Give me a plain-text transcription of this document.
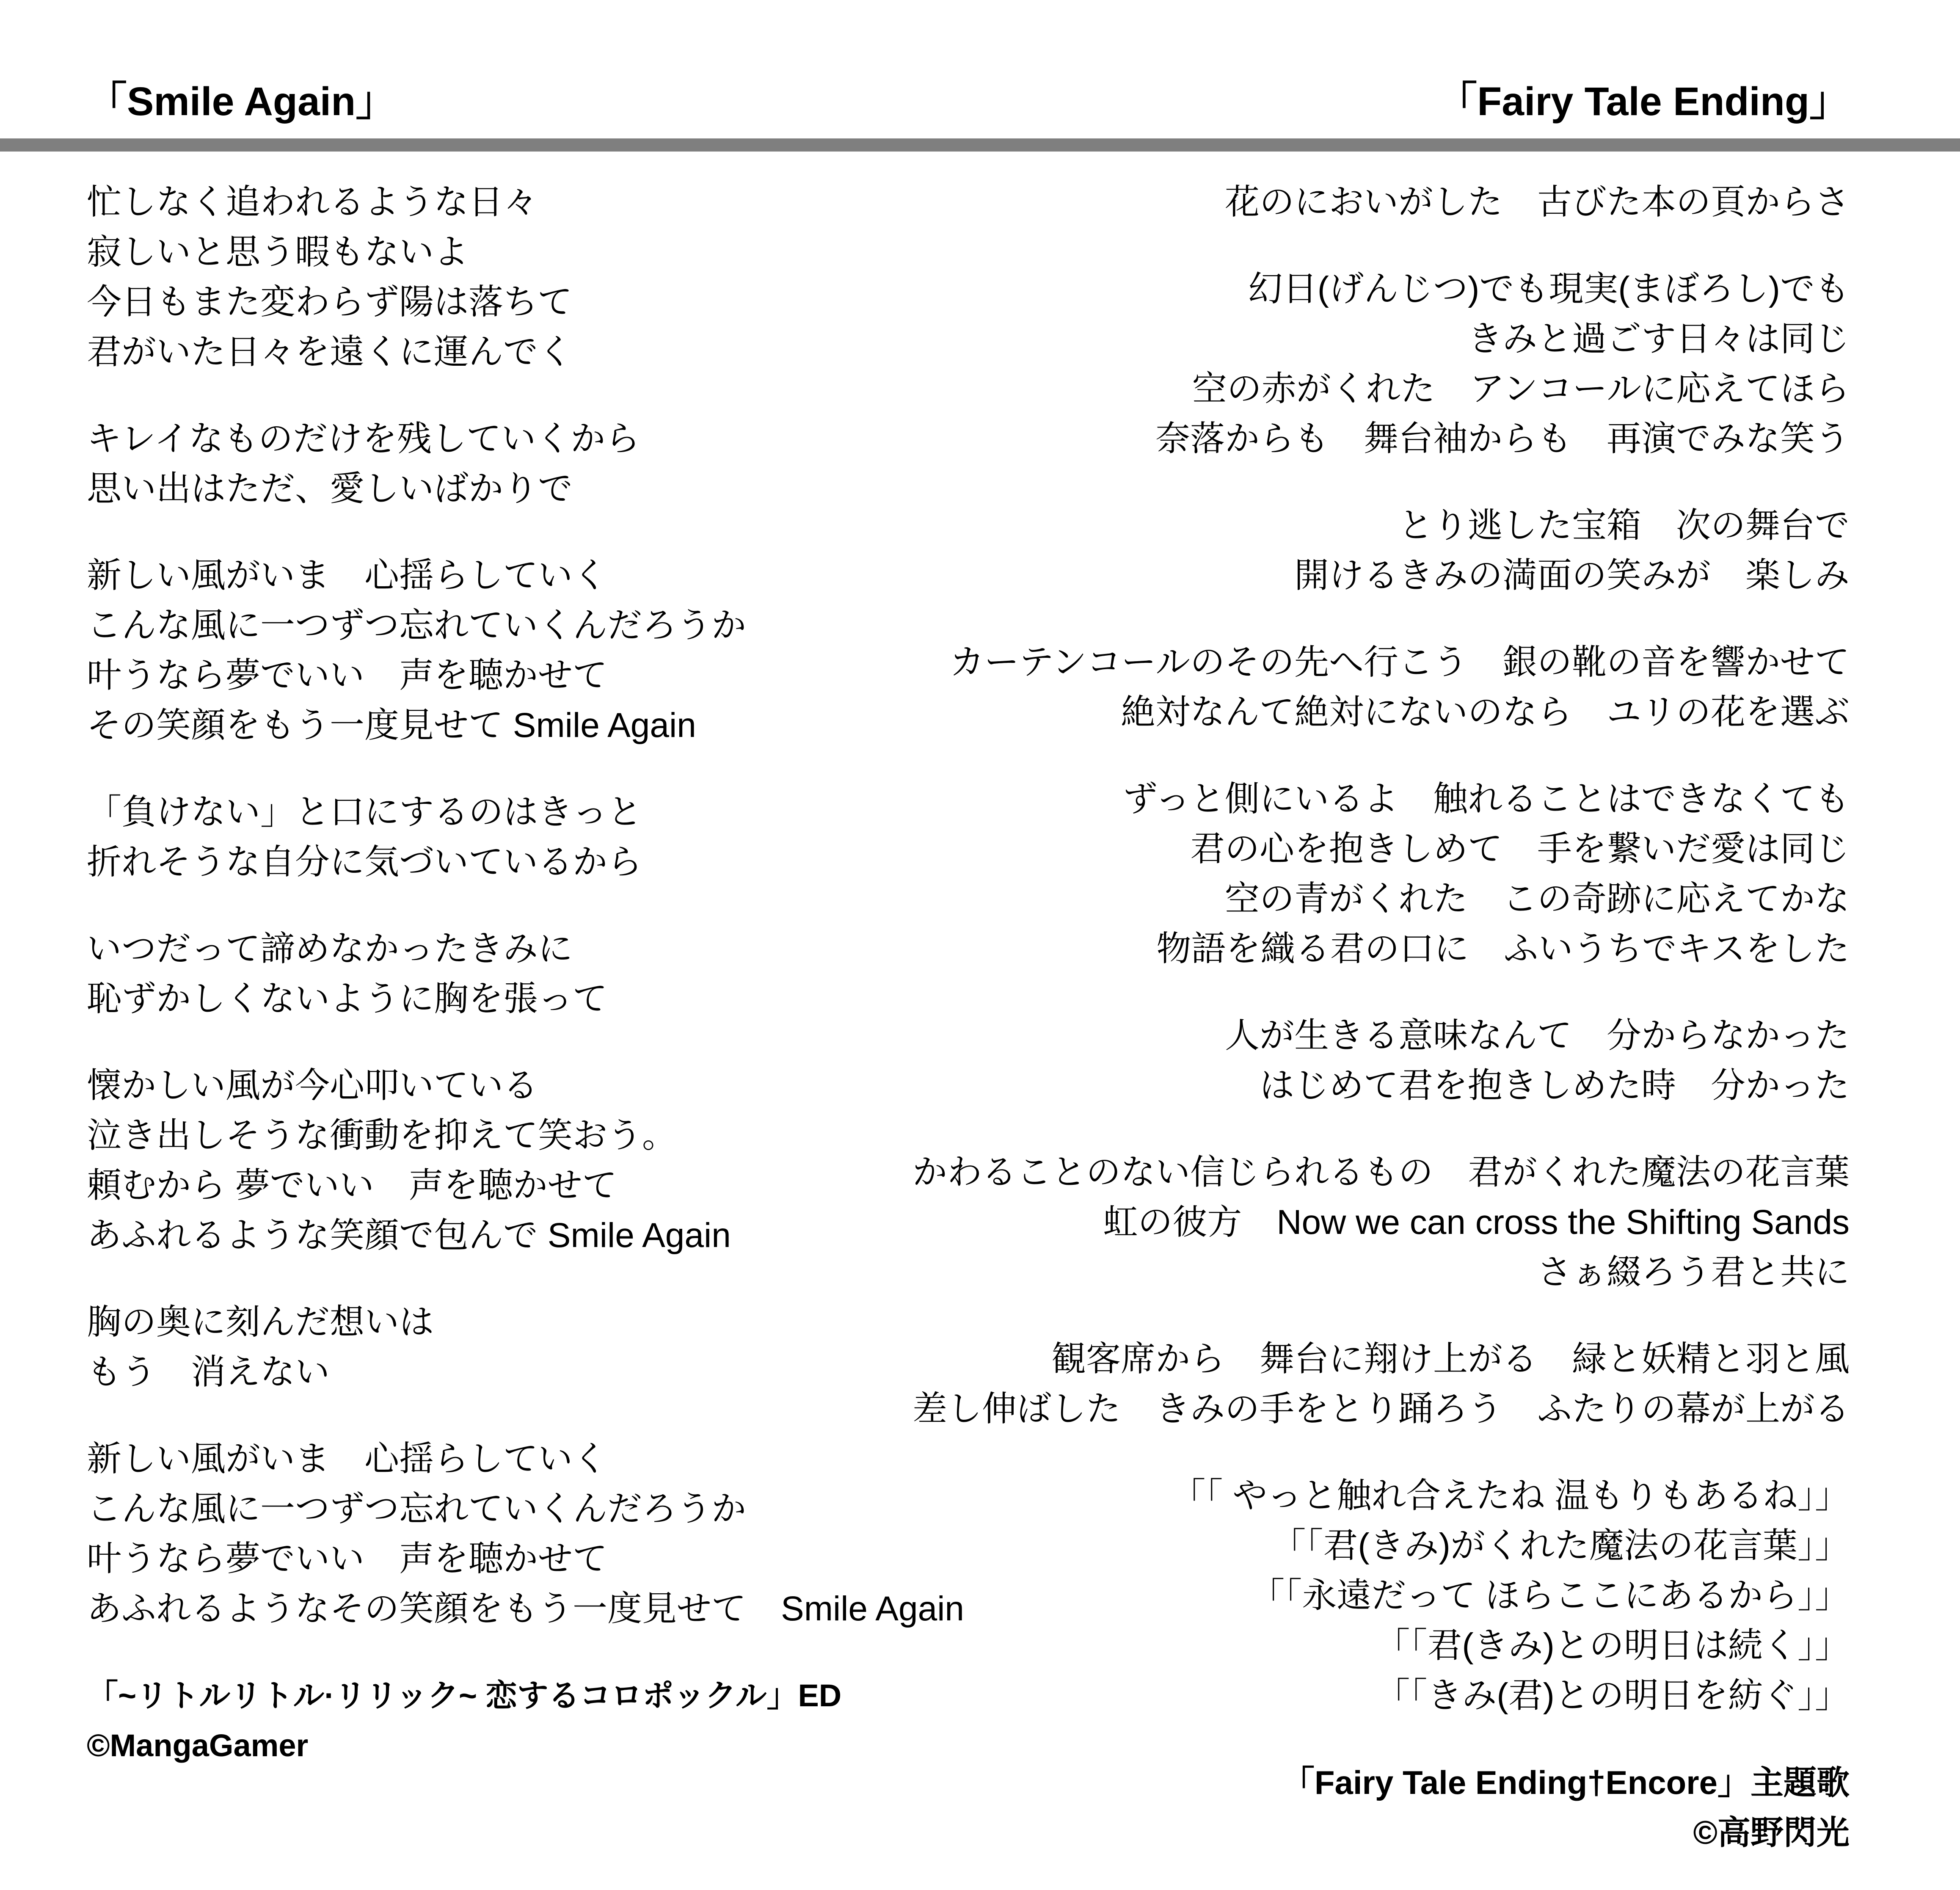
「Smile Again」	「Fairy Tale Ending」
忙しなく追われるような日々
寂しいと思う暇もないよ
今日もまた変わらず陽は落ちて
君がいた日々を遠くに運んでく
キレイなものだけを残していくから
思い出はただ、愛しいばかりで
新しい風がいま　心揺らしていく
こんな風に一つずつ忘れていくんだろうか
叶うなら夢でいい　声を聴かせて
その笑顔をもう一度見せて Smile Again
「負けない」と口にするのはきっと
折れそうな自分に気づいているから
いつだって諦めなかったきみに
恥ずかしくないように胸を張って
懐かしい風が今心叩いている
泣き出しそうな衝動を抑えて笑おう。
頼むから 夢でいい　声を聴かせて
あふれるような笑顔で包んで Smile Again
胸の奥に刻んだ想いは
もう　消えない
新しい風がいま　心揺らしていく
こんな風に一つずつ忘れていくんだろうか
叶うなら夢でいい　声を聴かせて
あふれるようなその笑顔をもう一度見せて　Smile Again
「~リトルリトル·リリック~ 恋するコロポックル」ED
©MangaGamer
花のにおいがした　古びた本の頁からさ
幻日(げんじつ)でも現実(まぼろし)でも
きみと過ごす日々は同じ
空の赤がくれた　アンコールに応えてほら
奈落からも　舞台袖からも　再演でみな笑う
とり逃した宝箱　次の舞台で
開けるきみの満面の笑みが　楽しみ
カーテンコールのその先へ行こう　銀の靴の音を響かせて
絶対なんて絶対にないのなら　ユリの花を選ぶ
ずっと側にいるよ　触れることはできなくても
君の心を抱きしめて　手を繋いだ愛は同じ
空の青がくれた　この奇跡に応えてかな
物語を織る君の口に　ふいうちでキスをした
人が生きる意味なんて　分からなかった
はじめて君を抱きしめた時　分かった
かわることのない信じられるもの　君がくれた魔法の花言葉
虹の彼方　Now we can cross the Shifting Sands
さぁ綴ろう君と共に
観客席から　舞台に翔け上がる　緑と妖精と羽と風
差し伸ばした　きみの手をとり踊ろう　ふたりの幕が上がる
「「 やっと触れ合えたね 温もりもあるね」」
「「君(きみ)がくれた魔法の花言葉」」
「「永遠だって ほらここにあるから」」
「「君(きみ)との明日は続く」」
「「きみ(君)との明日を紡ぐ」」
「Fairy Tale Ending†Encore」主題歌
©高野閃光
